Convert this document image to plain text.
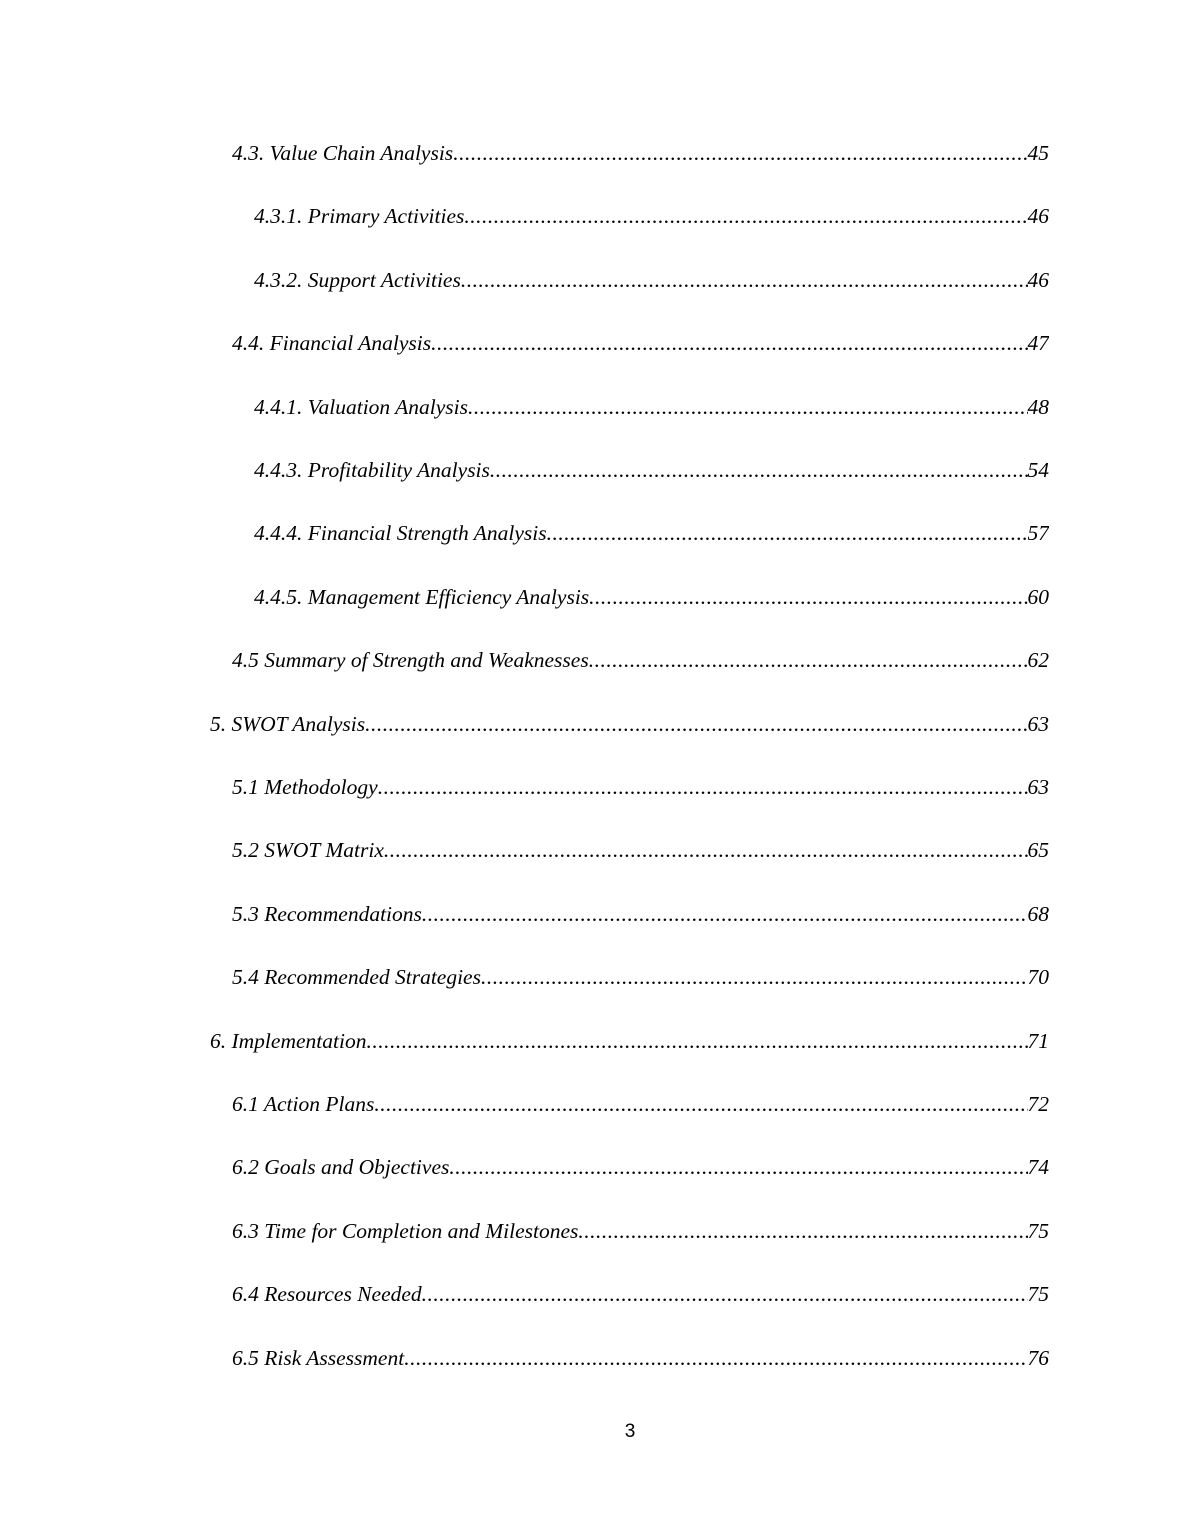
4.3. Value Chain Analysis .....	45
4.3.1. Primary Activities .....	46
4.3.2. Support Activities .....	46
4.4. Financial Analysis .....	47
4.4.1. Valuation Analysis .....	48
4.4.3. Profitability Analysis .....	54
4.4.4. Financial Strength Analysis .....	57
4.4.5. Management Efficiency Analysis .....	60
4.5 Summary of Strength and Weaknesses .....	62
5. SWOT Analysis .....	63
5.1 Methodology .....	63
5.2 SWOT Matrix .....	65
5.3 Recommendations .....	68
5.4 Recommended Strategies .....	70
6. Implementation .....	71
6.1 Action Plans .....	72
6.2 Goals and Objectives .....	74
6.3 Time for Completion and Milestones .....	75
6.4 Resources Needed .....	75
6.5 Risk Assessment .....	76
3
